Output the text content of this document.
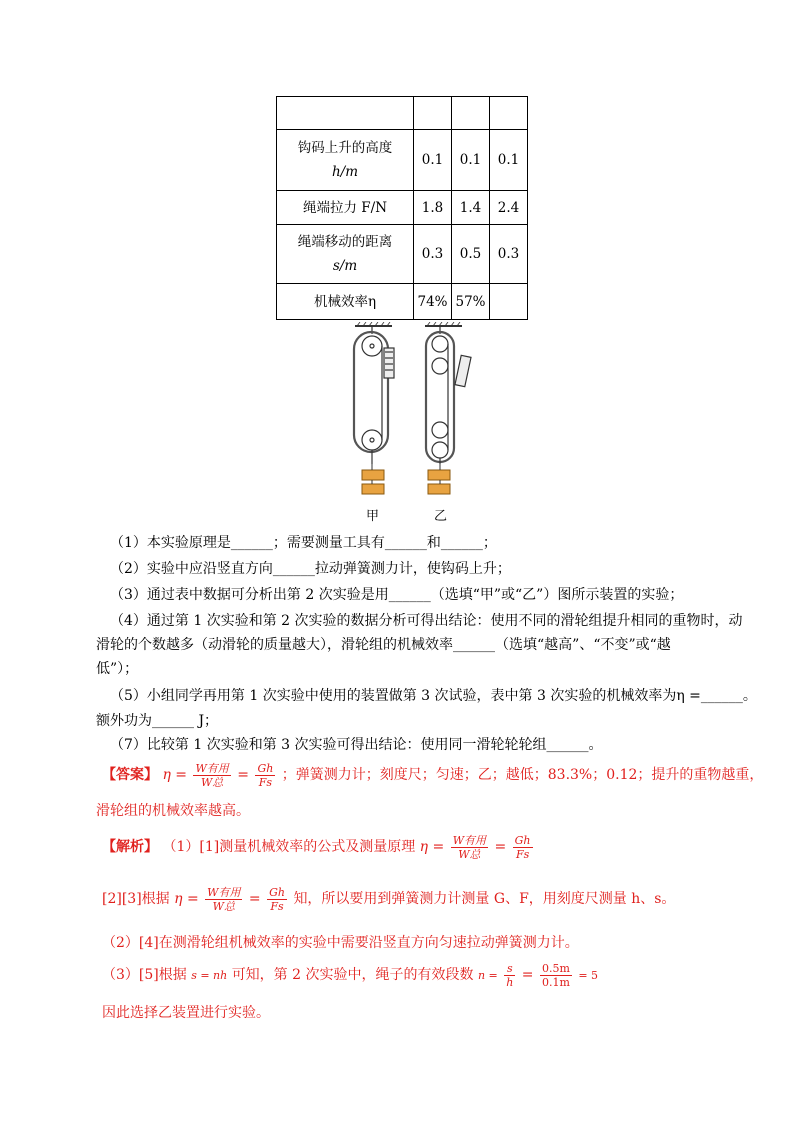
钩码上升的高度
h/m	0.1	0.1	0.1
绳端拉力 F/N	1.8	1.4	2.4

绳端移动的距离
s/m	0.3	0.5	0.3
机械效率η	74%	57%	
甲	乙
（1）本实验原理是______；需要测量工具有______和______；
（2）实验中应沿竖直方向______拉动弹簧测力计，使钩码上升；
（3）通过表中数据可分析出第 2 次实验是用______（选填“甲”或“乙”）图所示装置的实验；
（4）通过第 1 次实验和第 2 次实验的数据分析可得出结论：使用不同的滑轮组提升相同的重物时，动
滑轮的个数越多（动滑轮的质量越大），滑轮组的机械效率______（选填“越高”、“不变”或“越
低”）；
（5）小组同学再用第 1 次实验中使用的装置做第 3 次试验，表中第 3 次实验的机械效率为η =______。
额外功为______ J；
（7）比较第 1 次实验和第 3 次实验可得出结论：使用同一滑轮轮轮组______。
【答案】 $\eta = \frac{\text{W有用}}{\text{W总}} = \frac{Gh}{Fs}$ ；弹簧测力计；刻度尺；匀速；乙；越低；83.3%；0.12；提升的重物越重，
滑轮组的机械效率越高。
【解析】 （1）[1]测量机械效率的公式及测量原理 $\eta = \frac{\text{W有用}}{\text{W总}} = \frac{Gh}{Fs}$
[2][3]根据 $\eta = \frac{\text{W有用}}{\text{W总}} = \frac{Gh}{Fs}$ 知，所以要用到弹簧测力计测量 G、F，用刻度尺测量 h、s。
（2）[4]在测滑轮组机械效率的实验中需要沿竖直方向匀速拉动弹簧测力计。
（3）[5]根据 s = nh 可知，第 2 次实验中，绳子的有效段数 $n = \frac{s}{h} = \frac{0.5m}{0.1m} = 5$
因此选择乙装置进行实验。
